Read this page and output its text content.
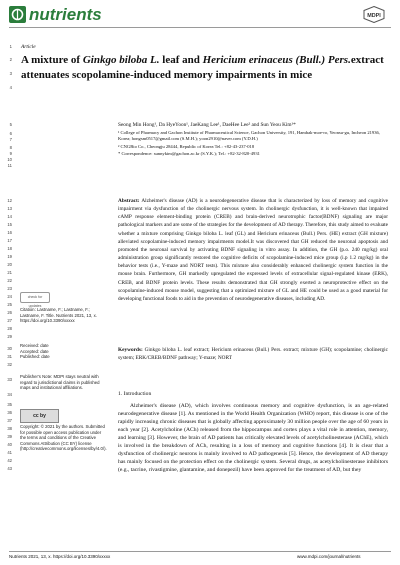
nutrients	MDPI
1
2
3
4
5
6
7
8
9
10
11
12
13
14
15
16
17
18
19
20
21
22
23
24
25
26
27
28
29
30
31
32
33
34
35
36
37
38
39
40
41
42
43
Article
A mixture of Ginkgo biloba L. leaf and Hericium erinaceus (Bull.) Pers.extract attenuates scopolamine-induced memory impairments in mice
Seong Min Hong¹, Da HyeYoon¹, JaeKang Lee¹, DaeHee Lee² and Sun Yeou Kim¹*

¹ College of Pharmacy and Gachon Institute of Pharmaceutical Science, Gachon University, 191, Hambak-moe-ro, Yeonsu-gu, Incheon 21936, Korea; hongsm0517@gmail.com (S.M.H.); yoon2910@naver.com (Y.D.H.)

² CNGBio Co., Cheongju 28444, Republic of Korea Tel.: +82-43-237-018

* Correspondence: sunnykim@gachon.ac.kr (S.Y.K.); Tel.: +82-32-820-4931

Abstract: Alzheimer's disease (AD) is a neurodegenerative disease that is characterized by loss of memory and cognitive impairment via dysfunction of the cholinergic nervous system. In cholinergic dysfunction, it is well-known that impaired cAMP response element-binding protein (CREB) and brain-derived neurotrophic factor(BDNF) signaling are major pathological markers and are some of the strategies for the development of AD therapy. Therefore, this study aimed to evaluate whether a mixture comprising Ginkgo biloba L. leaf (GL) and Hericium erinaceus (Bull.) Pers. (HE) extract (GH mixture) alleviated scopolamine-induced memory impairments model.It was discovered that GH reduced the neuronal apoptosis and promoted the neuronal survival by activating BDNF signaling in vitro assay. In addition, the GH (p.o. 240 mg/kg) oral administration group significantly restored the cognitive deficits of scopolamine-induced mice group (i.p 1.2 mg/kg) in the behavior tests (i.e., Y-maze and NORT tests). This mixture also considerably enhanced cholinergic system function in the mouse brain. Furthermore, GH markedly upregulated the expressed levels of extracellular signal-regulated kinase (ERK), CREB, and BDNF protein levels. These results demonstrated that GH strongly exerted a neuroprotective effect on the scopolamine-induced mouse model, suggesting that a optimized mixture of GL and HE could be used as a good material for developing functional foods to aid in the prevention of neurodegenerative diseases, including AD.
Keywords: Ginkgo biloba L. leaf extract; Hericium erinaceus (Bull.) Pers. extract; mixture (GH); scopolamine; cholinergic system; ERK/CREB/BDNF pathway; Y-maze; NORT
1. Introduction
Alzheimer's disease (AD), which involves continuous memory and cognitive dysfunction, is an age-related neurodegenerative disease [1]. As mentioned in the World Health Organization (WHO) report, this disease is one of the rapidly increasing chronic diseases that is globally affecting approximately 30 million people over the age of 60 years in each year [2]. Acetylcholine (ACh) released from the hippocampus and cortex plays a vital role in attention, memory, and learning [3]. However, the brain of AD patients has critically elevated levels of acetylcholinesterase (AChE), which is involved in the breakdown of ACh, resulting in a loss of memory and cognitive functions [4]. It is clear that a dysfunction of cholinergic neurons is mainly involved to AD pathogenesis [5]. Hence, the development of AD therapy has mainly focused on the protection effect on the cholinergic system. Several drugs, as acetylcholinesterase inhibitors (e.g., tacrine, rivastigmine, glantamine, and donepezil) have been approved for the treatment of AD, but they
check for updates
Citation: Lastname, F.; Lastname, F.; Lastname, F. Title. Nutrients 2021, 13, x. https://doi.org/10.3390/xxxxx
Received: date
Accepted: date
Published: date
Publisher's Note: MDPI stays neutral with regard to jurisdictional claims in published maps and institutional affiliations.
cc by
Copyright: © 2021 by the authors. Submitted for possible open access publication under the terms and conditions of the Creative Commons Attribution (CC BY) license (http://creativecommons.org/licenses/by/4.0/).
Nutrients 2021, 13, x. https://doi.org/10.3390/xxxxx	www.mdpi.com/journal/nutrients
